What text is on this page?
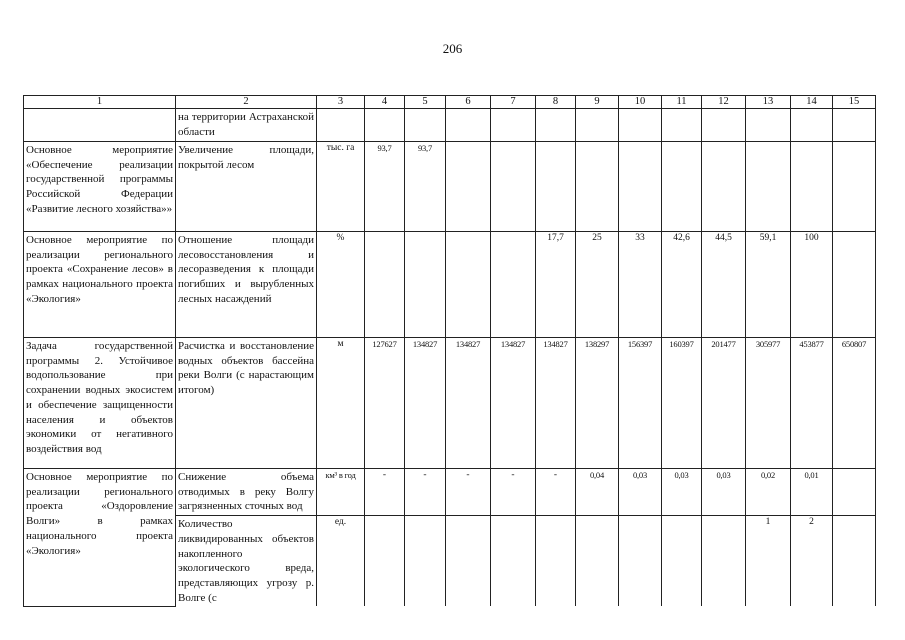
206
1	2	3	4	5	6	7	8	9	10	11	12	13	14	15
	на территории Астраханской области													
Основное мероприятие «Обеспечение реализации государственной программы Российской Федерации «Развитие лесного хозяйства»»	Увеличение площади, покрытой лесом	тыс. га	93,7	93,7										
Основное мероприятие по реализации регионального проекта «Сохранение лесов» в рамках национального проекта «Экология»	Отношение площади лесовосстановления и лесоразведения к площади погибших и вырубленных лесных насаждений	%					17,7	25	33	42,6	44,5	59,1	100	
Задача государственной программы 2. Устойчивое водопользование при сохранении водных экосистем и обеспечение защищенности населения и объектов экономики от негативного воздействия вод	Расчистка и восстановление водных объектов бассейна реки Волги (с нарастающим итогом)	м	127627	134827	134827	134827	134827	138297	156397	160397	201477	305977	453877	650807
Основное мероприятие по реализации регионального проекта «Оздоровление Волги» в рамках национального проекта «Экология»	Снижение объема отводимых в реку Волгу загрязненных сточных вод	км³ в год	-	-	-	-	-	0,04	0,03	0,03	0,03	0,02	0,01	
	Количество ликвидированных объектов накопленного экологического вреда, представляющих угрозу р. Волге (с	ед.										1	2	
